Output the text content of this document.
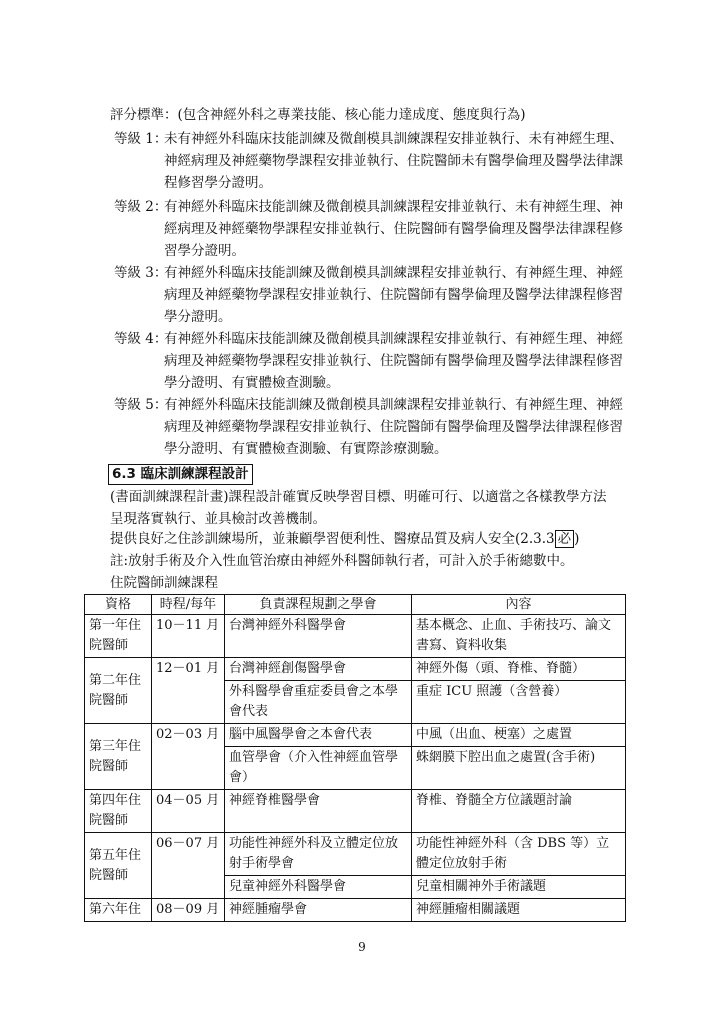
評分標準：(包含神經外科之專業技能、核心能力達成度、態度與行為)
等級 1：
未有神經外科臨床技能訓練及微創模具訓練課程安排並執行、未有神經生理、神經病理及神經藥物學課程安排並執行、住院醫師未有醫學倫理及醫學法律課程修習學分證明。
等級 2：
有神經外科臨床技能訓練及微創模具訓練課程安排並執行、未有神經生理、神經病理及神經藥物學課程安排並執行、住院醫師有醫學倫理及醫學法律課程修習學分證明。
等級 3：
有神經外科臨床技能訓練及微創模具訓練課程安排並執行、有神經生理、神經病理及神經藥物學課程安排並執行、住院醫師有醫學倫理及醫學法律課程修習學分證明。
等級 4：
有神經外科臨床技能訓練及微創模具訓練課程安排並執行、有神經生理、神經病理及神經藥物學課程安排並執行、住院醫師有醫學倫理及醫學法律課程修習學分證明、有實體檢查測驗。
等級 5：
有神經外科臨床技能訓練及微創模具訓練課程安排並執行、有神經生理、神經病理及神經藥物學課程安排並執行、住院醫師有醫學倫理及醫學法律課程修習學分證明、有實體檢查測驗、有實際診療測驗。
6.3 臨床訓練課程設計
(書面訓練課程計畫)課程設計確實反映學習目標、明確可行、以適當之各樣教學方法呈現落實執行、並具檢討改善機制。
提供良好之住診訓練場所，並兼顧學習便利性、醫療品質及病人安全(2.3.3 必 )
註:放射手術及介入性血管治療由神經外科醫師執行者，可計入於手術總數中。
住院醫師訓練課程
資格	時程/每年	負責課程規劃之學會	內容
第一年住院醫師	10－11 月	台灣神經外科醫學會	基本概念、止血、手術技巧、論文書寫、資料收集
第二年住院醫師	12－01 月	台灣神經創傷醫學會	神經外傷（頭、脊椎、脊髓）
		外科醫學會重症委員會之本學會代表	重症 ICU 照護（含營養）
第三年住院醫師	02－03 月	腦中風醫學會之本會代表	中風（出血、梗塞）之處置
		血管學會（介入性神經血管學會）	蛛網膜下腔出血之處置(含手術)
第四年住院醫師	04－05 月	神經脊椎醫學會	脊椎、脊髓全方位議題討論
第五年住院醫師	06－07 月	功能性神經外科及立體定位放射手術學會	功能性神經外科（含 DBS 等）立體定位放射手術
		兒童神經外科醫學會	兒童相關神外手術議題
第六年住	08－09 月	神經腫瘤學會	神經腫瘤相關議題
9
